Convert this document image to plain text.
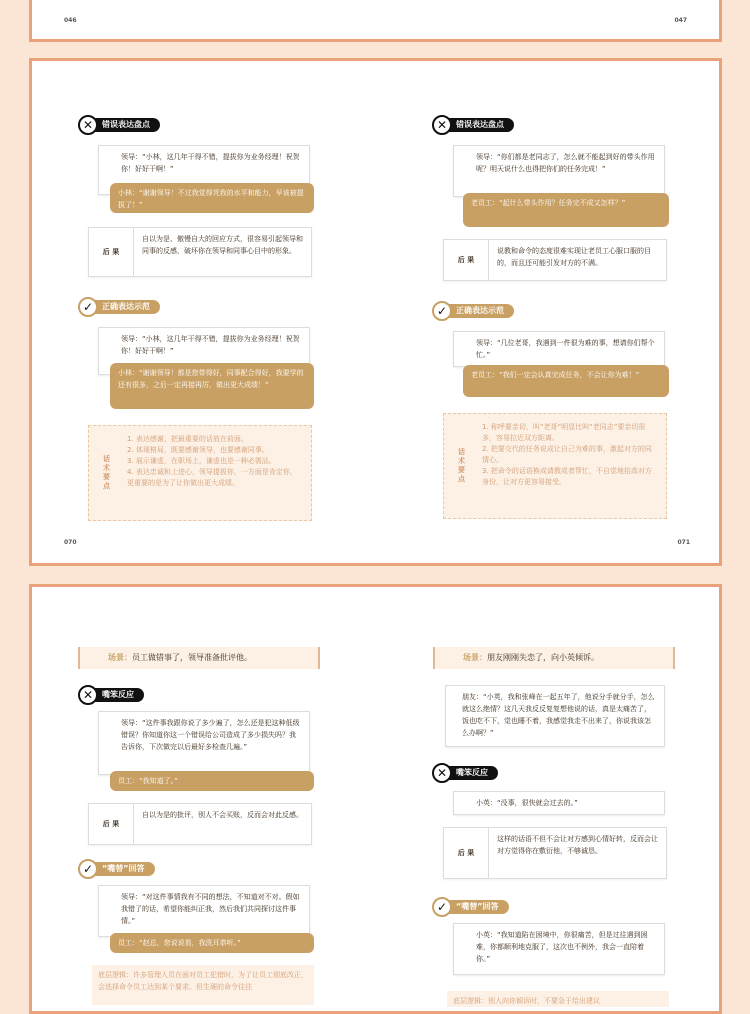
046	047
✕	错误表达盘点
领导：“小林，这几年干得不错，提拔你为业务经理！祝贺你！好好干啊！”
小林：“谢谢领导！不过我觉得凭我的水平和能力，早该被提拔了！”
后 果
自以为是、傲慢自大的回应方式，很容易引起领导和同事的反感，破坏你在领导和同事心目中的形象。
✓	正确表达示范
领导：“小林，这几年干得不错，提拔你为业务经理！祝贺你！好好干啊！”
小林：“谢谢领导！都是您带得好，同事配合得好，我要学的还有很多，之后一定再接再厉，做出更大成绩！”
话术要点
1. 表达感谢，把最重要的话放在前面。
2. 体现格局，既要感谢领导，也要感谢同事。
3. 展示谦虚，在职场上，谦虚也是一种必需品。
4. 表达忠诚和上进心，领导提拔你，一方面是肯定你，更重要的是为了让你做出更大成绩。
070
✕	错误表达盘点
领导：“你们都是老同志了，怎么就不能起到好的带头作用呢？明天说什么也得把你们的任务完成！”
老员工：“起什么带头作用？任务完不成又怎样？”
后 果
说教和命令的态度很难实现让老员工心服口服的目的，而且还可能引发对方的不满。
✓	正确表达示范
领导：“几位老哥，我遇到一件很为难的事，想请你们帮个忙。”
老员工：“我们一定会认真完成任务，不会让你为难！”
话术要点
1. 称呼要亲切，叫“老哥”明显比叫“老同志”要亲切很多，容易拉近双方距离。
2. 把要交代的任务说成让自己为难的事，激起对方的同情心。
3. 把命令的话语换成请教或者帮忙，不自觉地抬高对方身份，让对方更容易接受。
071
场景：员工做错事了，领导准备批评他。
✕	嘴笨反应
领导：“这件事我跟你说了多少遍了，怎么还是犯这种低级错误？你知道你这一个错误给公司造成了多少损失吗？我告诉你，下次做完以后最好多检查几遍。”
员工：“我知道了。”
后 果
自以为是的批评，别人不会买账，反而会对此反感。
✓	“嘴替”回答
领导：“对这件事情我有不同的想法，不知道对不对。假如我错了的话，希望你能纠正我，然后我们共同探讨这件事情。”
员工：“赵总，您说说看，我洗耳恭听。”
底层逻辑：许多管理人员在面对员工犯错时，为了让员工彻底改正，会选择命令员工达到某个要求。但生硬的命令往往
场景：朋友刚刚失恋了，向小英倾诉。
朋友：“小英，我和张峰在一起五年了，他说分手就分手，怎么就这么绝情？这几天我反反复复想他说的话，真是太痛苦了，饭也吃不下，觉也睡不着，我感觉我走不出来了，你说我该怎么办啊？”
✕	嘴笨反应
小英：“没事，很快就会过去的。”
后 果
这样的话语不但不会让对方感到心情好转，反而会让对方觉得你在敷衍他，不够诚恳。
✓	“嘴替”回答
小英：“我知道陷在困境中，你很痛苦，但是过往遇到困难，你都顺利地克服了，这次也不例外，我会一直陪着你。”
底层逻辑：别人向你倾诉时，不要急于给出建议
